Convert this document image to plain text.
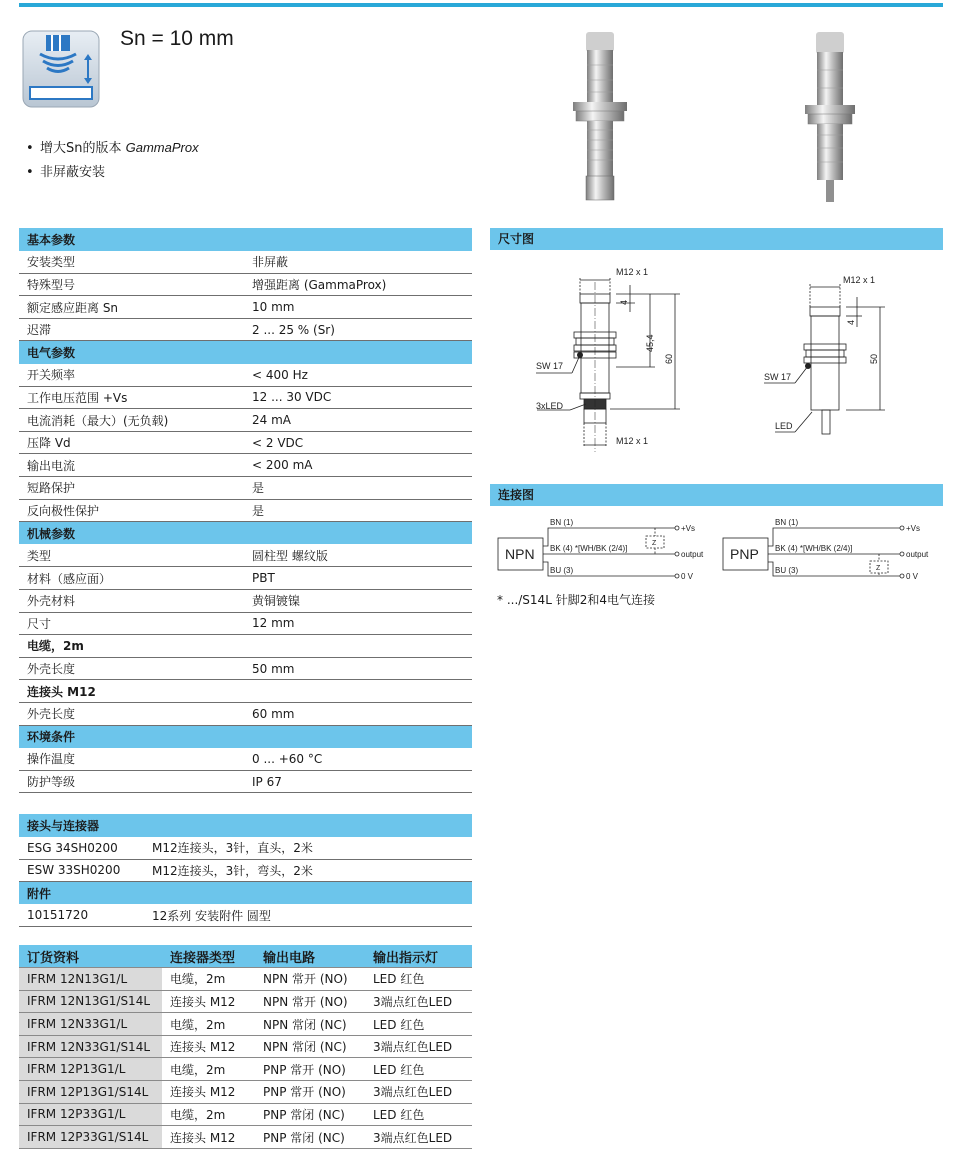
Sn = 10 mm
• 增大Sn的版本 GammaProx
• 非屏蔽安装
基本参数	
安装类型	非屏蔽
特殊型号	增强距离 (GammaProx)
额定感应距离 Sn	10 mm
迟滞	2 ... 25 % (Sr)
电气参数	
开关频率	< 400 Hz
工作电压范围 +Vs	12 ... 30 VDC
电流消耗（最大）(无负载)	24 mA
压降 Vd	< 2 VDC
输出电流	< 200 mA
短路保护	是
反向极性保护	是
机械参数	
类型	圆柱型 螺纹版
材料（感应面）	PBT
外壳材料	黄铜镀镍
尺寸	12 mm
电缆，2m	
外壳长度	50 mm
连接头 M12	
外壳长度	60 mm
环境条件	
操作温度	0 ... +60 °C
防护等级	IP 67
接头与连接器	
ESG 34SH0200	M12连接头，3针，直头，2米
ESW 33SH0200	M12连接头，3针，弯头，2米
附件	
10151720	12系列 安装附件 圆型
订货资料	连接器类型	输出电路	输出指示灯
IFRM 12N13G1/L	电缆，2m	NPN 常开 (NO)	LED 红色
IFRM 12N13G1/S14L	连接头 M12	NPN 常开 (NO)	3端点红色LED
IFRM 12N33G1/L	电缆，2m	NPN 常闭 (NC)	LED 红色
IFRM 12N33G1/S14L	连接头 M12	NPN 常闭 (NC)	3端点红色LED
IFRM 12P13G1/L	电缆，2m	PNP 常开 (NO)	LED 红色
IFRM 12P13G1/S14L	连接头 M12	PNP 常开 (NO)	3端点红色LED
IFRM 12P33G1/L	电缆，2m	PNP 常闭 (NC)	LED 红色
IFRM 12P33G1/S14L	连接头 M12	PNP 常闭 (NC)	3端点红色LED
尺寸图
M12 x 1
4
45,4
60
SW 17
3xLED
M12 x 1
M12 x 1
4
50
SW 17
LED
连接图
NPN
BN (1)
BK (4) *[WH/BK (2/4)]
BU (3)
Z
+Vs
output
0 V
PNP
BN (1)
BK (4) *[WH/BK (2/4)]
BU (3)	Z
+Vs
output
0 V
* .../S14L 针脚2和4电气连接
